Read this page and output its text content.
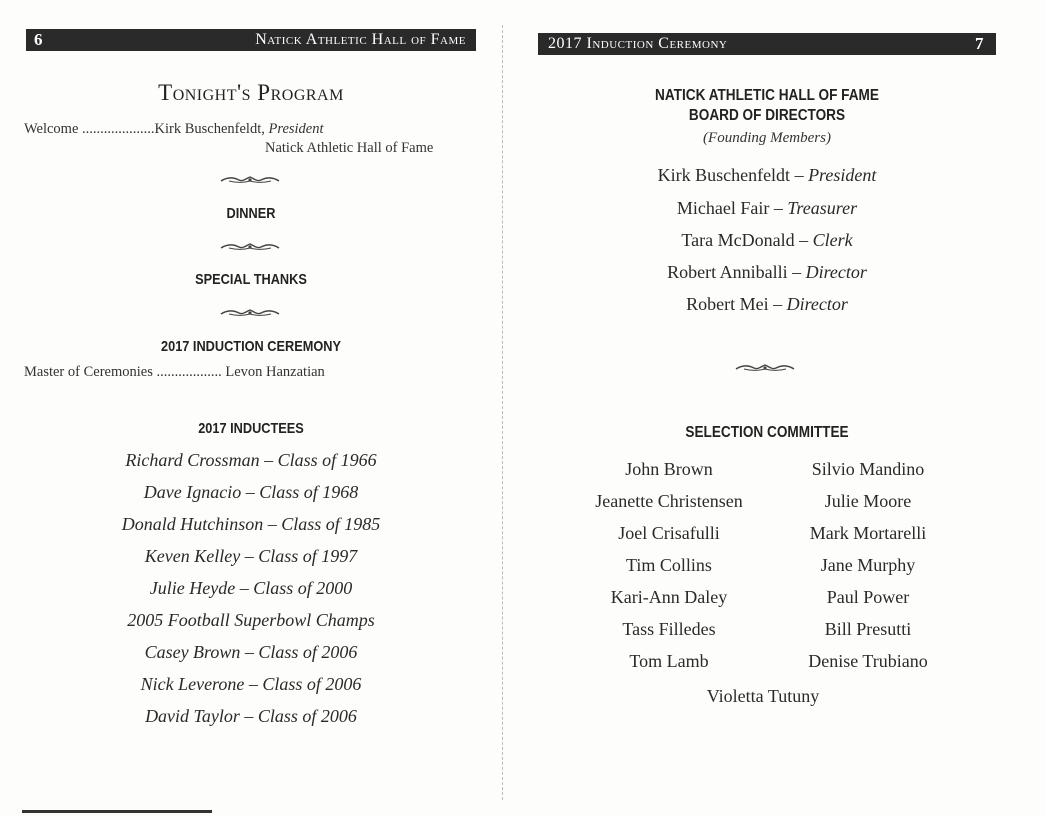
6	Natick Athletic Hall of Fame
Tonight's Program
Welcome ....................Kirk Buschenfeldt, President
Natick Athletic Hall of Fame
DINNER
SPECIAL THANKS
2017 INDUCTION CEREMONY
Master of Ceremonies .................. Levon Hanzatian
2017 INDUCTEES
Richard Crossman – Class of 1966
Dave Ignacio – Class of 1968
Donald Hutchinson – Class of 1985
Keven Kelley – Class of 1997
Julie Heyde – Class of 2000
2005 Football Superbowl Champs
Casey Brown – Class of 2006
Nick Leverone – Class of 2006
David Taylor – Class of 2006
2017 Induction Ceremony	7
NATICK ATHLETIC HALL OF FAME
BOARD OF DIRECTORS
(Founding Members)
Kirk Buschenfeldt – President
Michael Fair – Treasurer
Tara McDonald – Clerk
Robert Anniballi – Director
Robert Mei – Director
SELECTION COMMITTEE
John Brown
Jeanette Christensen
Joel Crisafulli
Tim Collins
Kari-Ann Daley
Tass Filledes
Tom Lamb
Silvio Mandino
Julie Moore
Mark Mortarelli
Jane Murphy
Paul Power
Bill Presutti
Denise Trubiano
Violetta Tutuny
